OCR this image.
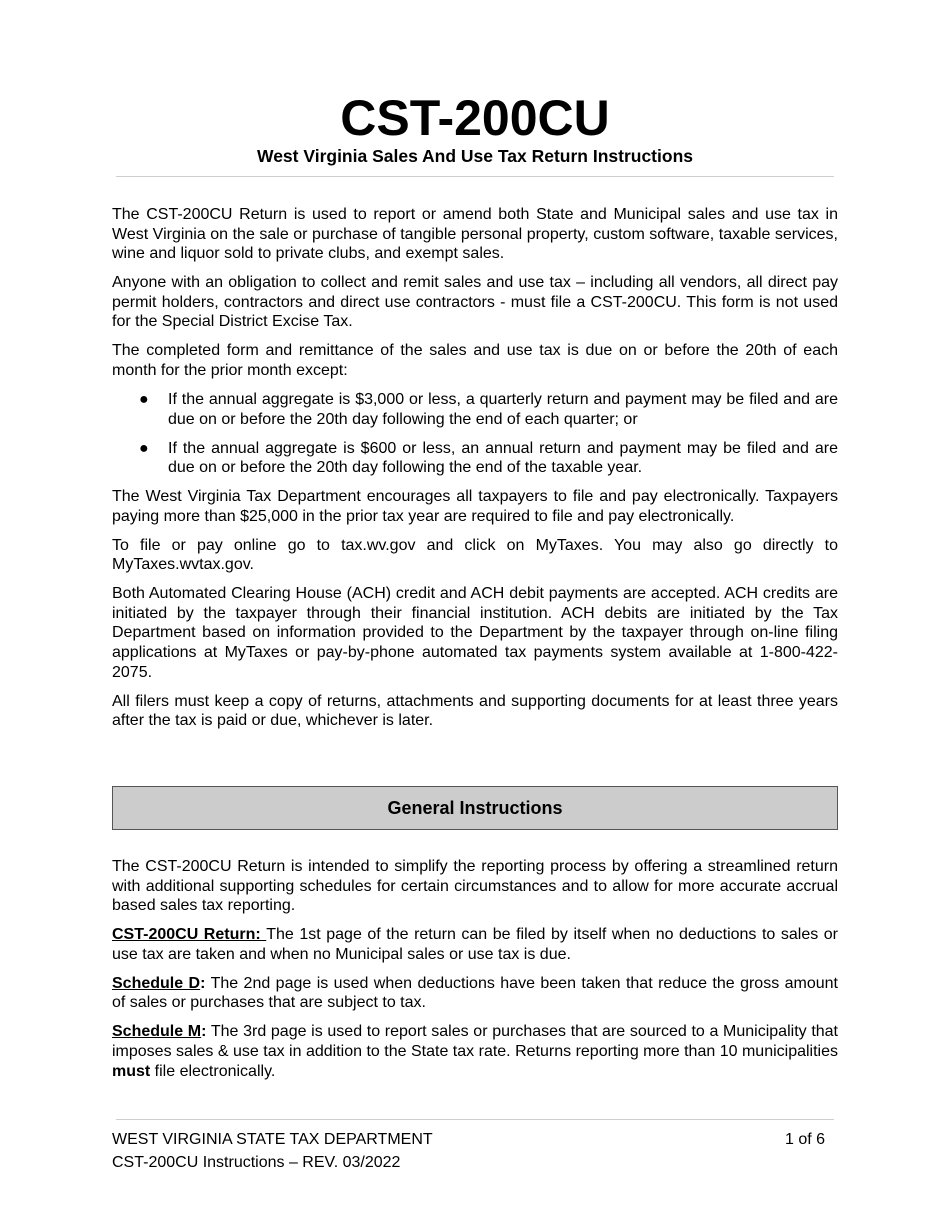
CST-200CU
West Virginia Sales And Use Tax Return Instructions

The CST-200CU Return is used to report or amend both State and Municipal sales and use tax in West Virginia on the sale or purchase of tangible personal property, custom software, taxable services, wine and liquor sold to private clubs, and exempt sales.

Anyone with an obligation to collect and remit sales and use tax – including all vendors, all direct pay permit holders, contractors and direct use contractors - must file a CST-200CU. This form is not used for the Special District Excise Tax.

The completed form and remittance of the sales and use tax is due on or before the 20th of each month for the prior month except:

● If the annual aggregate is $3,000 or less, a quarterly return and payment may be filed and are due on or before the 20th day following the end of each quarter; or
● If the annual aggregate is $600 or less, an annual return and payment may be filed and are due on or before the 20th day following the end of the taxable year.

The West Virginia Tax Department encourages all taxpayers to file and pay electronically. Taxpayers paying more than $25,000 in the prior tax year are required to file and pay electronically.

To file or pay online go to tax.wv.gov and click on MyTaxes. You may also go directly to MyTaxes.wvtax.gov.

Both Automated Clearing House (ACH) credit and ACH debit payments are accepted. ACH credits are initiated by the taxpayer through their financial institution. ACH debits are initiated by the Tax Department based on information provided to the Department by the taxpayer through on-line filing applications at MyTaxes or pay-by-phone automated tax payments system available at 1-800-422-2075.

All filers must keep a copy of returns, attachments and supporting documents for at least three years after the tax is paid or due, whichever is later.

General Instructions

The CST-200CU Return is intended to simplify the reporting process by offering a streamlined return with additional supporting schedules for certain circumstances and to allow for more accurate accrual based sales tax reporting.

CST-200CU Return: The 1st page of the return can be filed by itself when no deductions to sales or use tax are taken and when no Municipal sales or use tax is due.

Schedule D: The 2nd page is used when deductions have been taken that reduce the gross amount of sales or purchases that are subject to tax.

Schedule M: The 3rd page is used to report sales or purchases that are sourced to a Municipality that imposes sales & use tax in addition to the State tax rate. Returns reporting more than 10 municipalities must file electronically.

WEST VIRGINIA STATE TAX DEPARTMENT	1 of 6
CST-200CU Instructions – REV. 03/2022
